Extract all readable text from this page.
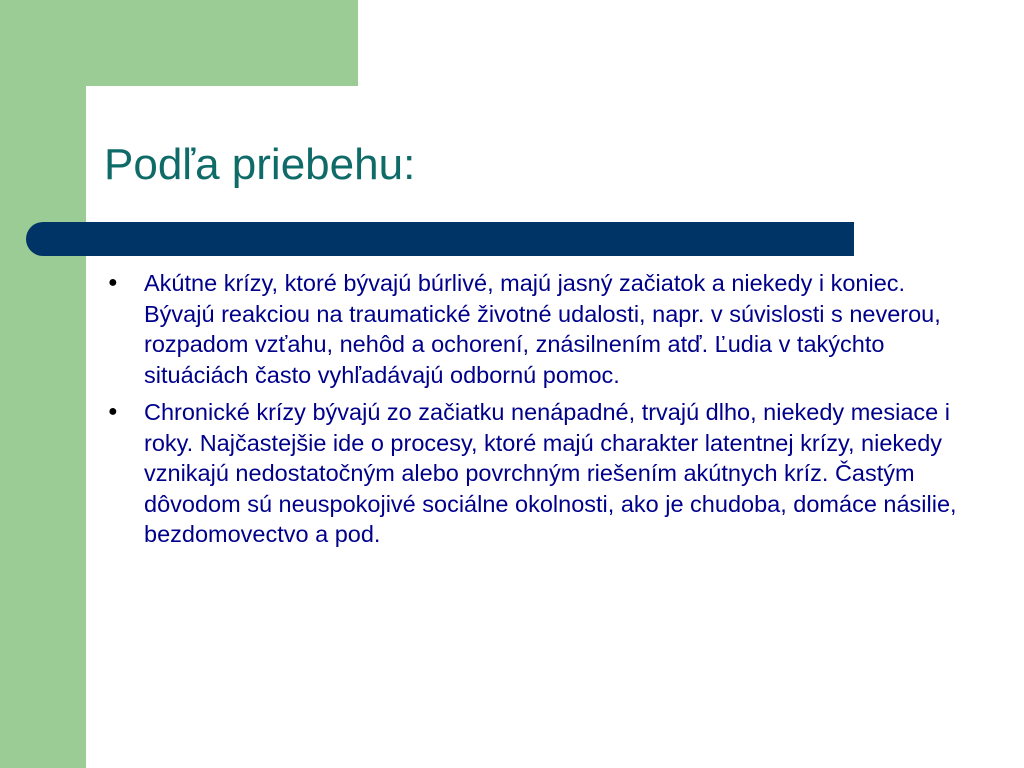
Podľa priebehu:
●	Akútne krízy, ktoré bývajú búrlivé, majú jasný začiatok a niekedy i koniec. Bývajú reakciou na traumatické životné udalosti, napr. v súvislosti s neverou, rozpadom vzťahu, nehôd a ochorení, znásilnením atď. Ľudia v takýchto situáciách často vyhľadávajú odbornú pomoc.
●	Chronické krízy bývajú zo začiatku nenápadné, trvajú dlho, niekedy mesiace i roky. Najčastejšie ide o procesy, ktoré majú charakter latentnej krízy, niekedy vznikajú nedostatočným alebo povrchným riešením akútnych kríz. Častým dôvodom sú neuspokojivé sociálne okolnosti, ako je chudoba, domáce násilie, bezdomovectvo a pod.
